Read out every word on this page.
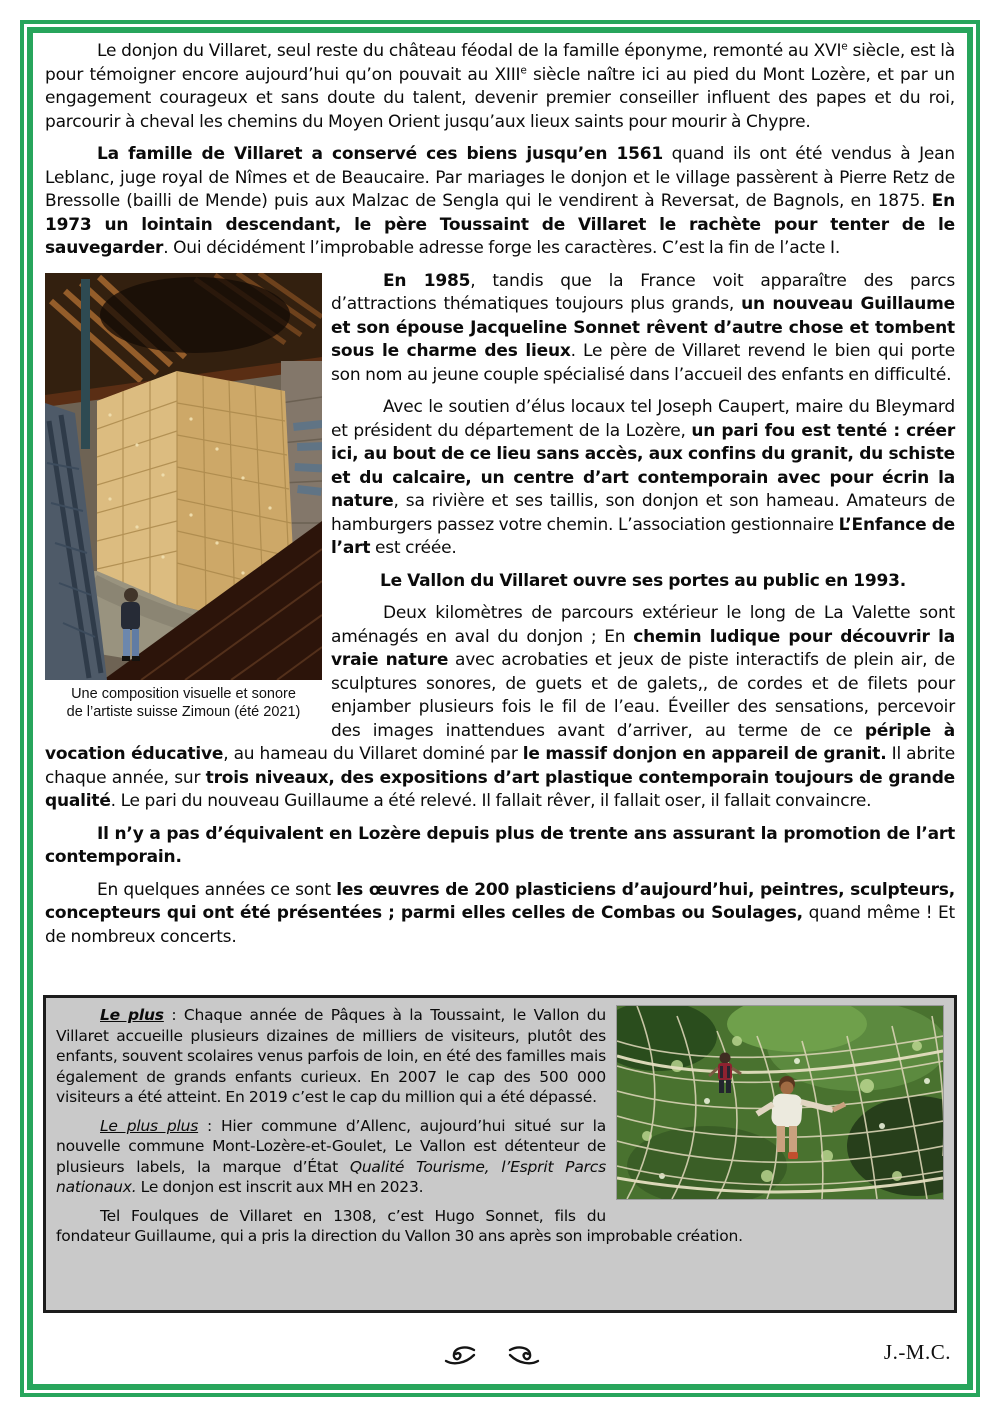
Le donjon du Villaret, seul reste du château féodal de la famille éponyme, remonté au XVIe siècle, est là pour témoigner encore aujourd’hui qu’on pouvait au XIIIe siècle naître ici au pied du Mont Lozère, et par un engagement courageux et sans doute du talent, devenir premier conseiller influent des papes et du roi, parcourir à cheval les chemins du Moyen Orient jusqu’aux lieux saints pour mourir à Chypre.

La famille de Villaret a conservé ces biens jusqu’en 1561 quand ils ont été vendus à Jean Leblanc, juge royal de Nîmes et de Beaucaire. Par mariages le donjon et le village passèrent à Pierre Retz de Bressolle (bailli de Mende) puis aux Malzac de Sengla qui le vendirent à Reversat, de Bagnols, en 1875. En 1973 un lointain descendant, le père Toussaint de Villaret le rachète pour tenter de le sauvegarder. Oui décidément l’improbable adresse forge les caractères. C’est la fin de l’acte I.

Une composition visuelle et sonore
de l’artiste suisse Zimoun (été 2021)

En 1985, tandis que la France voit apparaître des parcs d’attractions thématiques toujours plus grands, un nouveau Guillaume et son épouse Jacqueline Sonnet rêvent d’autre chose et tombent sous le charme des lieux. Le père de Villaret revend le bien qui porte son nom au jeune couple spécialisé dans l’accueil des enfants en difficulté.

Avec le soutien d’élus locaux tel Joseph Caupert, maire du Bleymard et président du département de la Lozère, un pari fou est tenté : créer ici, au bout de ce lieu sans accès, aux confins du granit, du schiste et du calcaire, un centre d’art contemporain avec pour écrin la nature, sa rivière et ses taillis, son donjon et son hameau. Amateurs de hamburgers passez votre chemin. L’association gestionnaire L’Enfance de l’art est créée.

Le Vallon du Villaret ouvre ses portes au public en 1993.

Deux kilomètres de parcours extérieur le long de La Valette sont aménagés en aval du donjon ; En chemin ludique pour découvrir la vraie nature avec acrobaties et jeux de piste interactifs de plein air, de sculptures sonores, de guets et de galets,, de cordes et de filets pour enjamber plusieurs fois le fil de l’eau. Éveiller des sensations, percevoir des images inattendues avant d’arriver, au terme de ce périple à vocation éducative, au hameau du Villaret dominé par le massif donjon en appareil de granit. Il abrite chaque année, sur trois niveaux, des expositions d’art plastique contemporain toujours de grande qualité. Le pari du nouveau Guillaume a été relevé. Il fallait rêver, il fallait oser, il fallait convaincre.

Il n’y a pas d’équivalent en Lozère depuis plus de trente ans assurant la promotion de l’art contemporain.

En quelques années ce sont les œuvres de 200 plasticiens d’aujourd’hui, peintres, sculpteurs, concepteurs qui ont été présentées ; parmi elles celles de Combas ou Soulages, quand même ! Et de nombreux concerts.

Le plus : Chaque année de Pâques à la Toussaint, le Vallon du Villaret accueille plusieurs dizaines de milliers de visiteurs, plutôt des enfants, souvent scolaires venus parfois de loin, en été des familles mais également de grands enfants curieux. En 2007 le cap des 500 000 visiteurs a été atteint. En 2019 c’est le cap du million qui a été dépassé.

Le plus plus : Hier commune d’Allenc, aujourd’hui situé sur la nouvelle commune Mont-Lozère-et-Goulet, Le Vallon est détenteur de plusieurs labels, la marque d’État Qualité Tourisme, l’Esprit Parcs nationaux. Le donjon est inscrit aux MH en 2023.

Tel Foulques de Villaret en 1308, c’est Hugo Sonnet, fils du fondateur Guillaume, qui a pris la direction du Vallon 30 ans après son improbable création.

J.-M.C.
